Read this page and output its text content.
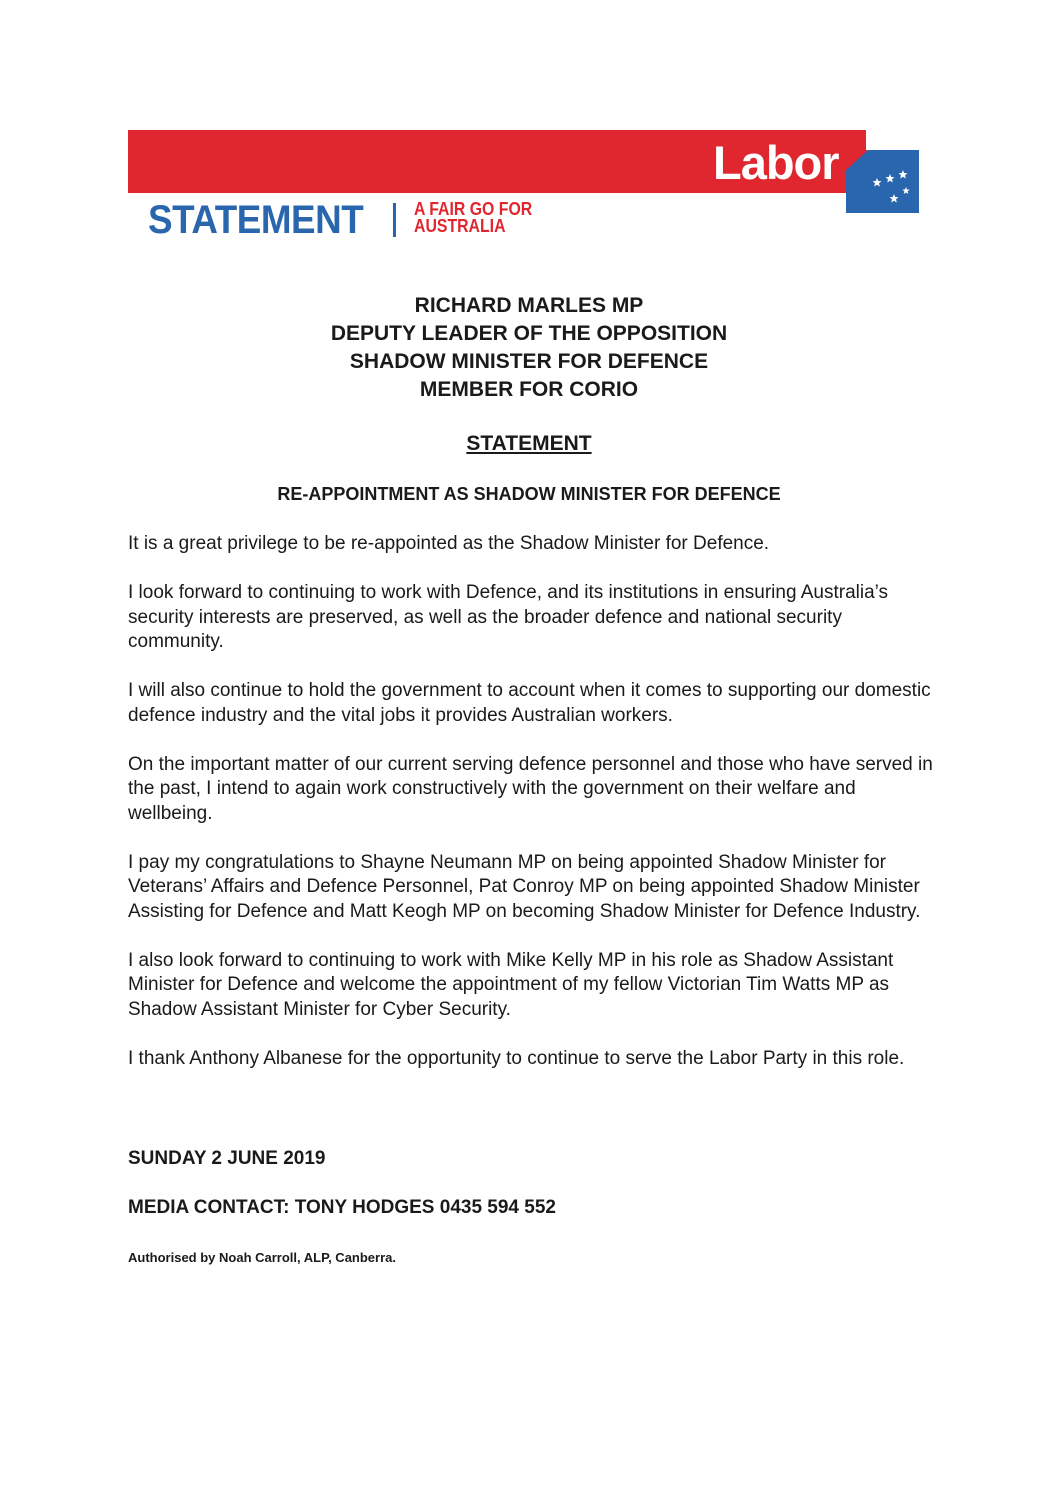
Labor
STATEMENT	A FAIR GO FOR
AUSTRALIA
RICHARD MARLES MP
DEPUTY LEADER OF THE OPPOSITION
SHADOW MINISTER FOR DEFENCE
MEMBER FOR CORIO
STATEMENT
RE-APPOINTMENT AS SHADOW MINISTER FOR DEFENCE

It is a great privilege to be re-appointed as the Shadow Minister for Defence.

I look forward to continuing to work with Defence, and its institutions in ensuring Australia’s security interests are preserved, as well as the broader defence and national security community.

I will also continue to hold the government to account when it comes to supporting our domestic defence industry and the vital jobs it provides Australian workers.

On the important matter of our current serving defence personnel and those who have served in the past, I intend to again work constructively with the government on their welfare and wellbeing.

I pay my congratulations to Shayne Neumann MP on being appointed Shadow Minister for Veterans’ Affairs and Defence Personnel, Pat Conroy MP on being appointed Shadow Minister Assisting for Defence and Matt Keogh MP on becoming Shadow Minister for Defence Industry.

I also look forward to continuing to work with Mike Kelly MP in his role as Shadow Assistant Minister for Defence and welcome the appointment of my fellow Victorian Tim Watts MP as Shadow Assistant Minister for Cyber Security.

I thank Anthony Albanese for the opportunity to continue to serve the Labor Party in this role.

SUNDAY 2 JUNE 2019
MEDIA CONTACT: TONY HODGES 0435 594 552
Authorised by Noah Carroll, ALP, Canberra.
